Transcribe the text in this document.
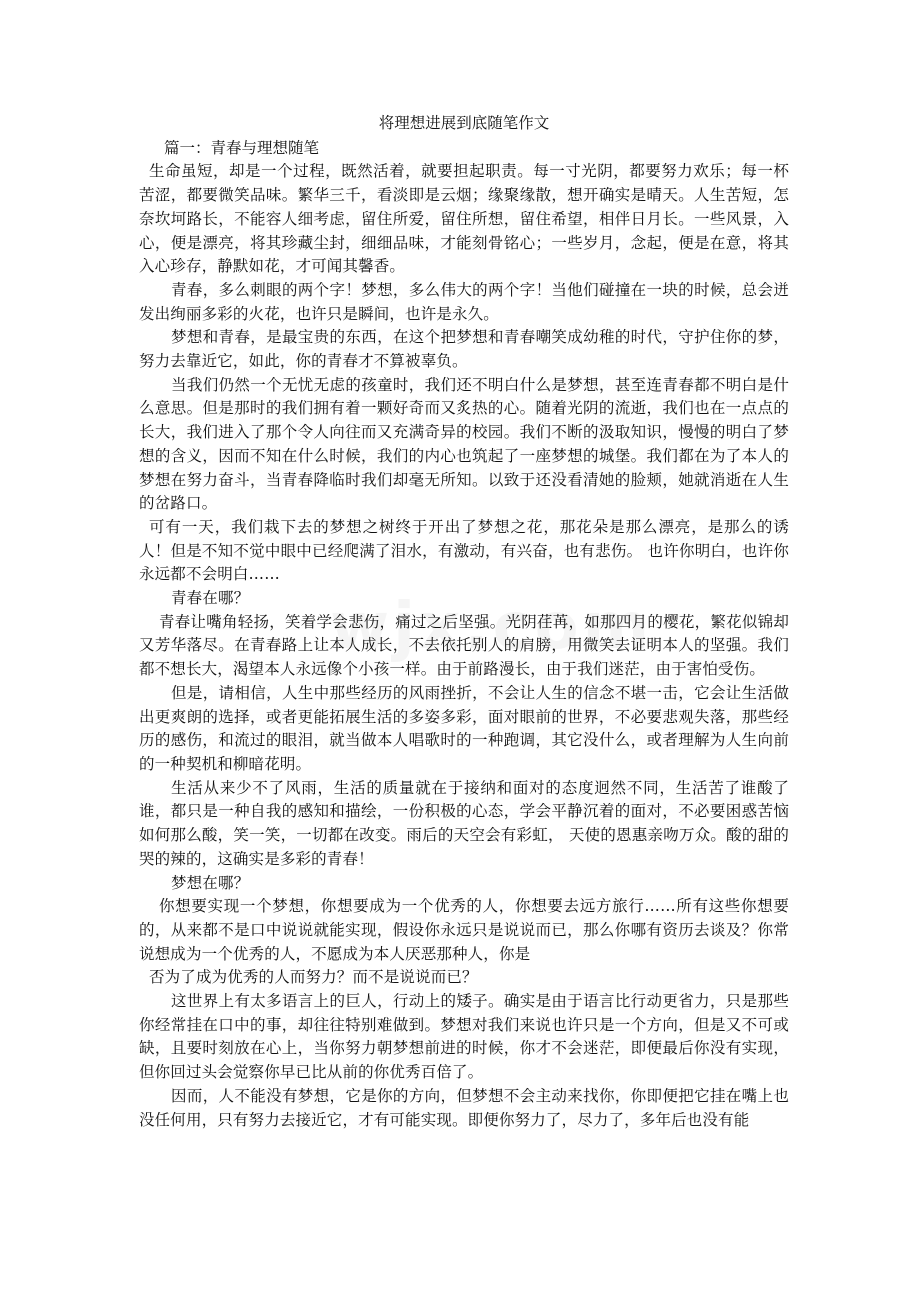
将理想进展到底随笔作文

篇一：青春与理想随笔

生命虽短，却是一个过程，既然活着，就要担起职责。每一寸光阴，都要努力欢乐；每一杯苦涩，都要微笑品味。繁华三千，看淡即是云烟；缘聚缘散，想开确实是晴天。人生苦短，怎奈坎坷路长，不能容人细考虑，留住所爱，留住所想，留住希望，相伴日月长。一些风景，入心，便是漂亮，将其珍藏尘封，细细品味，才能刻骨铭心；一些岁月，念起，便是在意，将其入心珍存，静默如花，才可闻其馨香。

青春，多么刺眼的两个字！梦想，多么伟大的两个字！当他们碰撞在一块的时候，总会迸发出绚丽多彩的火花，也许只是瞬间，也许是永久。

梦想和青春，是最宝贵的东西，在这个把梦想和青春嘲笑成幼稚的时代，守护住你的梦，努力去靠近它，如此，你的青春才不算被辜负。

当我们仍然一个无忧无虑的孩童时，我们还不明白什么是梦想，甚至连青春都不明白是什么意思。但是那时的我们拥有着一颗好奇而又炙热的心。随着光阴的流逝，我们也在一点点的长大，我们进入了那个令人向往而又充满奇异的校园。我们不断的汲取知识，慢慢的明白了梦想的含义，因而不知在什么时候，我们的内心也筑起了一座梦想的城堡。我们都在为了本人的梦想在努力奋斗，当青春降临时我们却毫无所知。以致于还没看清她的脸颊，她就消逝在人生的岔路口。

可有一天，我们栽下去的梦想之树终于开出了梦想之花，那花朵是那么漂亮，是那么的诱人！但是不知不觉中眼中已经爬满了泪水，有激动，有兴奋，也有悲伤。 也许你明白，也许你永远都不会明白……

青春在哪？

青春让嘴角轻扬，笑着学会悲伤，痛过之后坚强。光阴荏苒，如那四月的樱花，繁花似锦却又芳华落尽。在青春路上让本人成长，不去依托别人的肩膀，用微笑去证明本人的坚强。我们都不想长大，渴望本人永远像个小孩一样。由于前路漫长，由于我们迷茫，由于害怕受伤。

但是，请相信，人生中那些经历的风雨挫折，不会让人生的信念不堪一击，它会让生活做出更爽朗的选择，或者更能拓展生活的多姿多彩，面对眼前的世界，不必要悲观失落，那些经历的感伤，和流过的眼泪，就当做本人唱歌时的一种跑调，其它没什么，或者理解为人生向前的一种契机和柳暗花明。

生活从来少不了风雨，生活的质量就在于接纳和面对的态度迥然不同，生活苦了谁酸了谁，都只是一种自我的感知和描绘，一份积极的心态，学会平静沉着的面对，不必要困惑苦恼如何那么酸，笑一笑，一切都在改变。雨后的天空会有彩虹， 天使的恩惠亲吻万众。酸的甜的哭的辣的，这确实是多彩的青春！

梦想在哪？

你想要实现一个梦想，你想要成为一个优秀的人，你想要去远方旅行……所有这些你想要的，从来都不是口中说说就能实现，假设你永远只是说说而已，那么你哪有资历去谈及？你常说想成为一个优秀的人，不愿成为本人厌恶那种人，你是

否为了成为优秀的人而努力？而不是说说而已？

这世界上有太多语言上的巨人，行动上的矮子。确实是由于语言比行动更省力，只是那些你经常挂在口中的事，却往往特别难做到。梦想对我们来说也许只是一个方向，但是又不可或缺，且要时刻放在心上，当你努力朝梦想前进的时候，你才不会迷茫，即便最后你没有实现，但你回过头会觉察你早已比从前的你优秀百倍了。

因而，人不能没有梦想，它是你的方向，但梦想不会主动来找你，你即便把它挂在嘴上也没任何用，只有努力去接近它，才有可能实现。即便你努力了，尽力了，多年后也没有能
